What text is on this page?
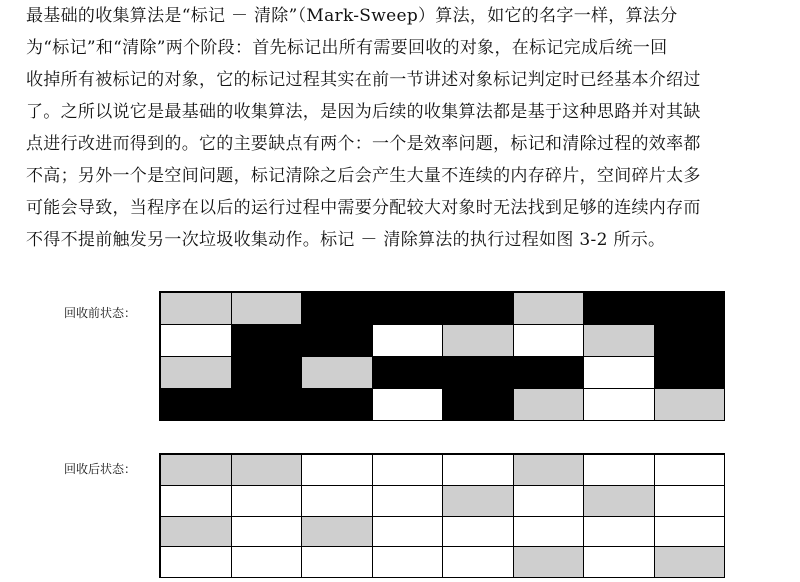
最基础的收集算法是“标记 － 清除”（Mark-Sweep）算法，如它的名字一样，算法分
为“标记”和“清除”两个阶段：首先标记出所有需要回收的对象，在标记完成后统一回
收掉所有被标记的对象，它的标记过程其实在前一节讲述对象标记判定时已经基本介绍过
了。之所以说它是最基础的收集算法，是因为后续的收集算法都是基于这种思路并对其缺
点进行改进而得到的。它的主要缺点有两个：一个是效率问题，标记和清除过程的效率都
不高；另外一个是空间问题，标记清除之后会产生大量不连续的内存碎片，空间碎片太多
可能会导致，当程序在以后的运行过程中需要分配较大对象时无法找到足够的连续内存而
不得不提前触发另一次垃圾收集动作。标记 － 清除算法的执行过程如图 3-2 所示。
回收前状态：
回收后状态：
